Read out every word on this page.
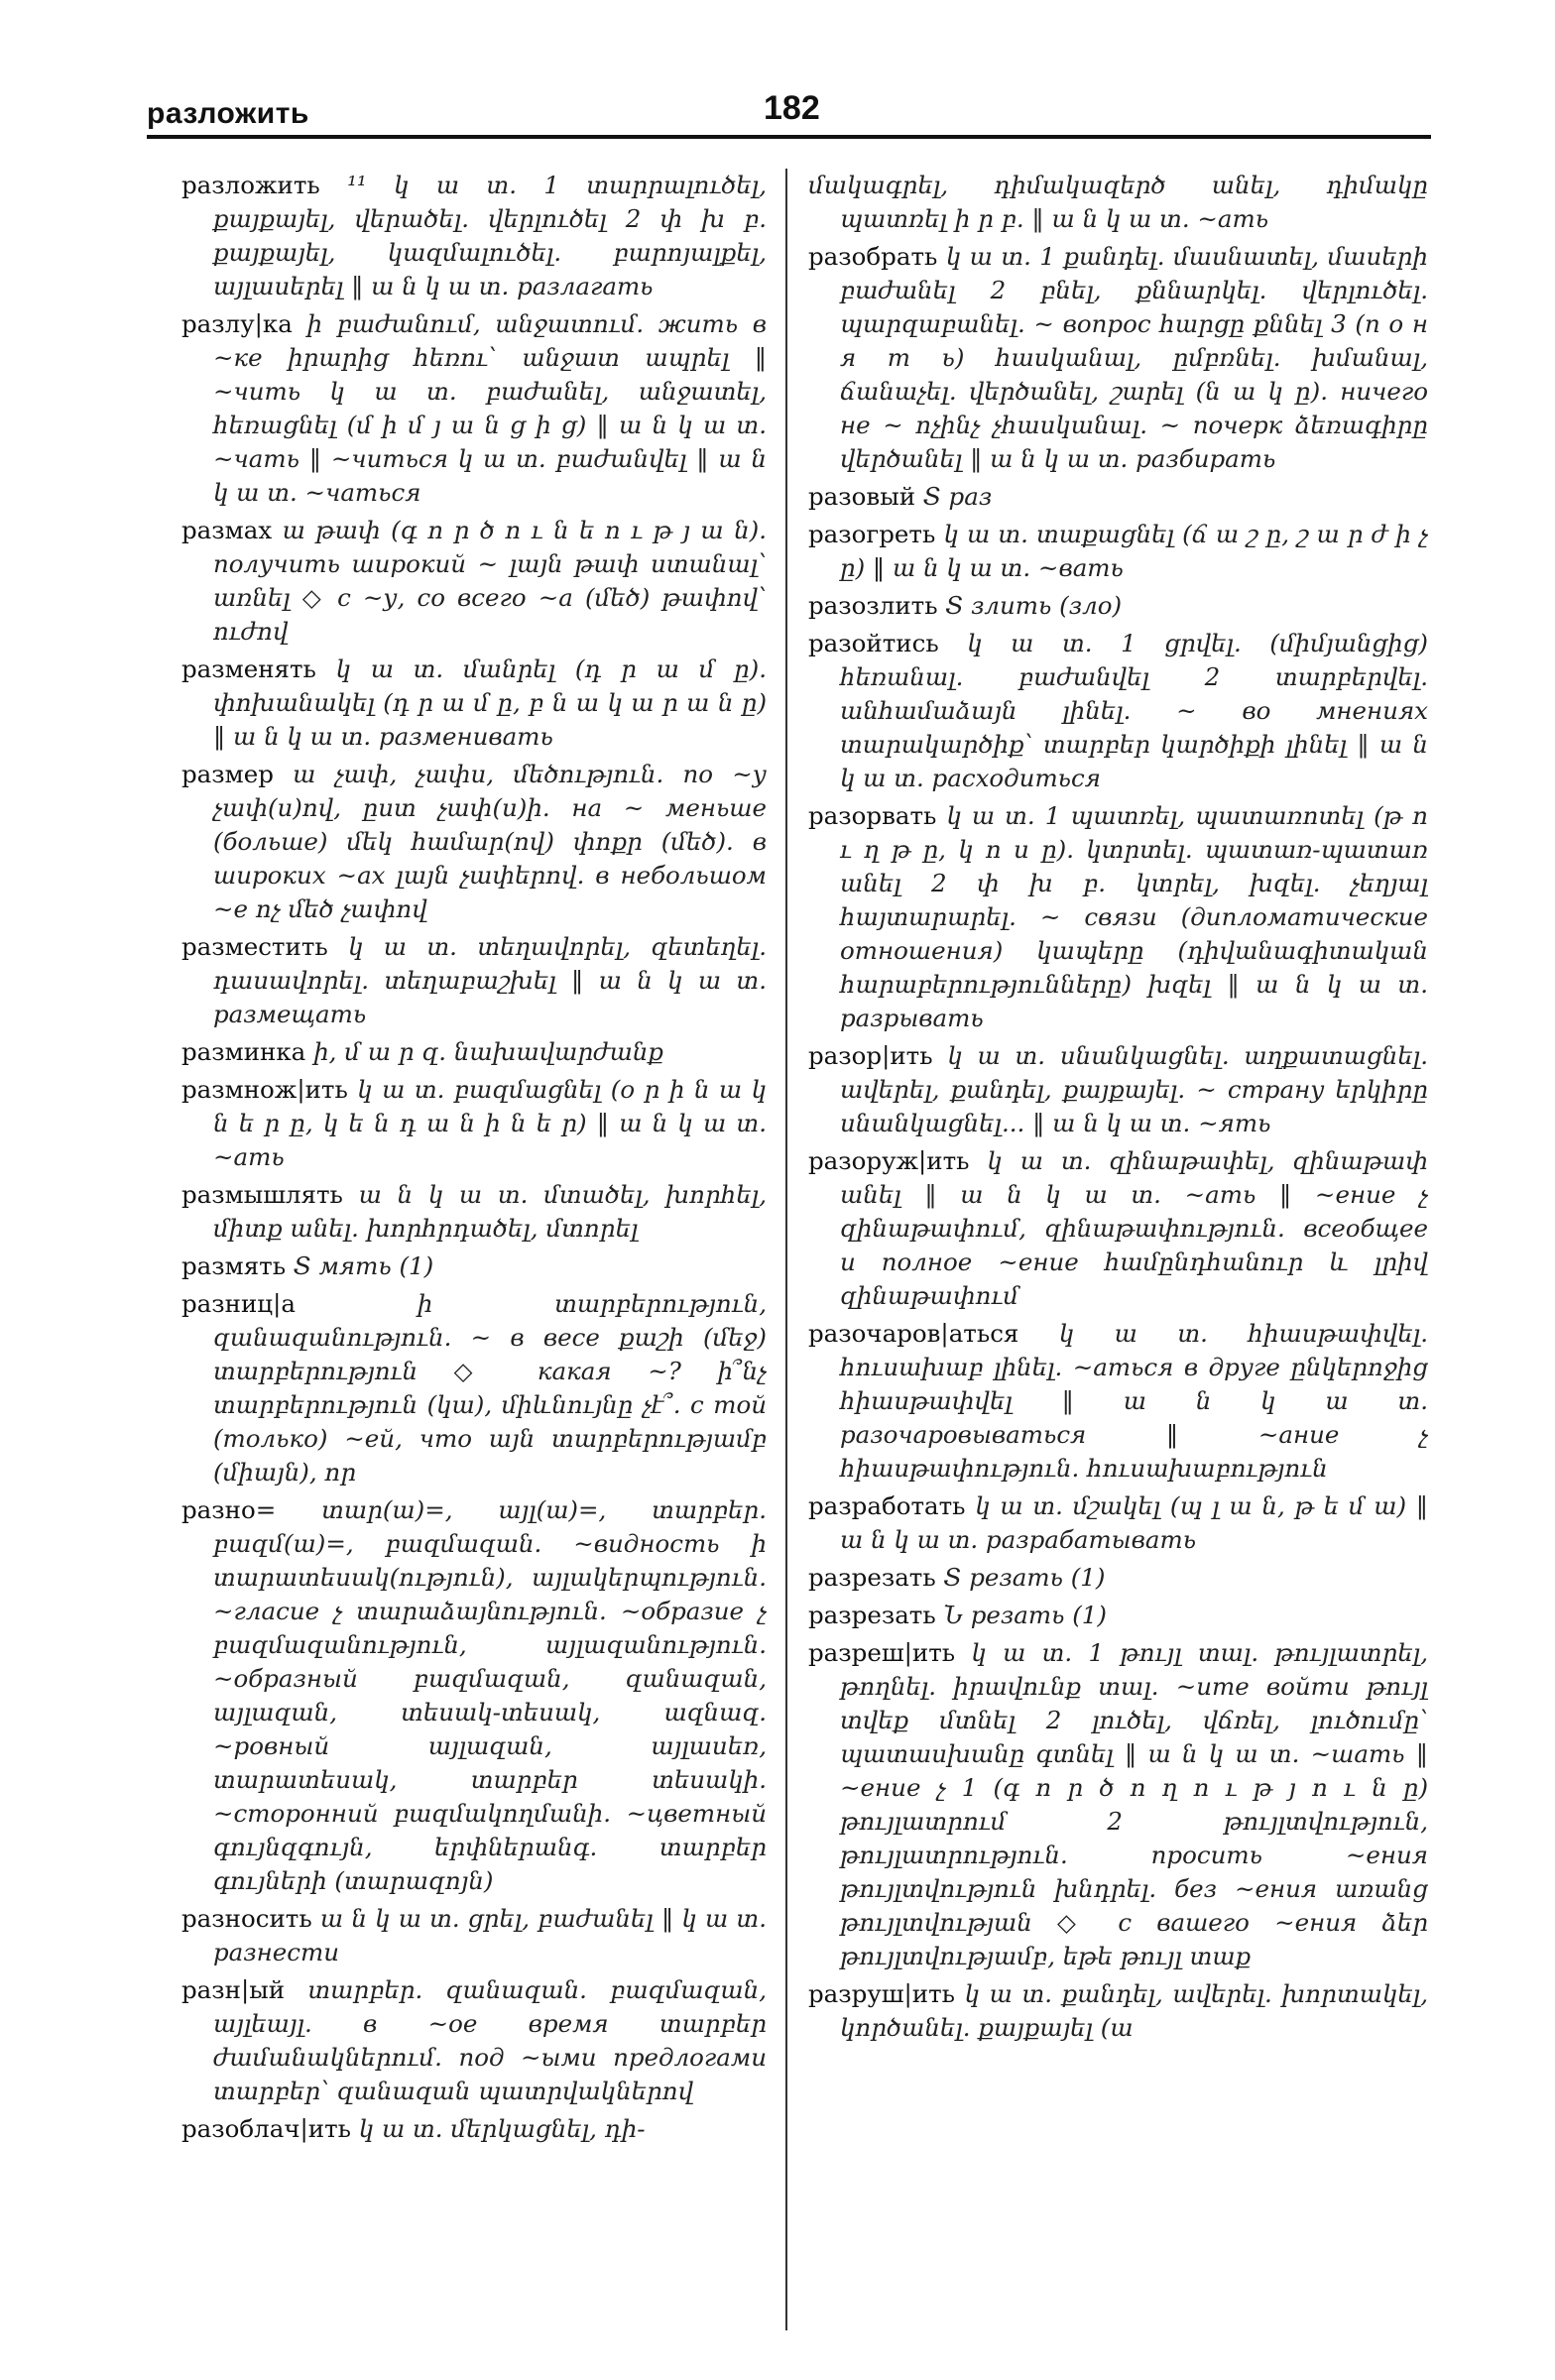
разложить	182

разложить ¹¹ կ ա տ. 1 տարրալուծել, քայքայել, վերածել. վերլուծել 2 փ խ բ. քայքայել, կազմալուծել. բարոյալքել, այլասերել ‖ ա ն կ ա տ. разлагать

разлу|ка ի բաժանում, անջատում. жить в ~ке իրարից հեռու՝ անջատ ապրել ‖ ~чить կ ա տ. բաժանել, անջատել, հեռացնել (մ ի մ յ ա ն ց ի ց) ‖ ա ն կ ա տ. ~чать ‖ ~читься կ ա տ. բաժանվել ‖ ա ն կ ա տ. ~чаться

размах ա թափ (գ ո ր ծ ո ւ ն ե ո ւ թ յ ա ն). получить широкий ~ լայն թափ ստանալ՝ առնել ◇ с ~у, со всего ~а (մեծ) թափով՝ ուժով

разменять կ ա տ. մանրել (դ ր ա մ ը). փոխանակել (դ ր ա մ ը, բ ն ա կ ա ր ա ն ը) ‖ ա ն կ ա տ. разменивать

размер ա չափ, չափս, մեծություն. по ~у չափ(ս)ով, ըստ չափ(ս)ի. на ~ меньше (больше) մեկ համար(ով) փոքր (մեծ). в широких ~ах լայն չափերով. в небольшом ~е ոչ մեծ չափով

разместить կ ա տ. տեղավորել, զետեղել. դասավորել. տեղաբաշխել ‖ ա ն կ ա տ. размещать

разминка ի, մ ա ր զ. նախավարժանք

размнож|ить կ ա տ. բազմացնել (օ ր ի ն ա կ ն ե ր ը, կ ե ն դ ա ն ի ն ե ր) ‖ ա ն կ ա տ. ~ать

размышлять ա ն կ ա տ. մտածել, խորհել, միտք անել. խորհրդածել, մտորել

размять Տ мять (1)

разниц|а	ի տարբերություն, զանազանություն. ~ в весе քաշի (մեջ) տարբերություն ◇ какая ~? ի՞նչ տարբերություն (կա), միևնույնը չէ՞. с той (только) ~ей, что այն տարբերությամբ (միայն), որ

разно= տար(ա)=, այլ(ա)=, տարբեր. բազմ(ա)=, բազմազան. ~видность ի տարատեսակ(ություն), այլակերպություն. ~гласие չ տարաձայնություն. ~образие չ բազմազանություն, այլազանություն. ~образный բազմազան, զանազան, այլազան, տեսակ-տեսակ, ազնազ. ~ровный այլազան, այլասեռ, տարատեսակ, տարբեր տեսակի. ~сторонний բազմակողմանի. ~цветный գույնզգույն, երփներանգ. տարբեր գույների (տարազոյն)

разносить ա ն կ ա տ. ցրել, բաժանել ‖ կ ա տ. разнести

разн|ый տարբեր. զանազան. բազմազան, այլեայլ. в ~ое время տարբեր ժամանակներում. под ~ыми предлогами տարբեր՝ զանազան պատրվակներով

разоблач|ить կ ա տ. մերկացնել, դի-

մակագրել, դիմակազերծ անել, դիմակը պատռել ի ր բ. ‖ ա ն կ ա տ. ~ать

разобрать կ ա տ. 1 քանդել. մասնատել, մասերի բաժանել 2 բնել, քննարկել. վերլուծել. պարզաբանել. ~ вопрос հարցը քննել 3 (п о н я т ь) հասկանալ, ըմբռնել. խմանալ, ճանաչել. վերծանել, շարել (ն ա կ ը). ничего не ~ ոչինչ չհասկանալ. ~ почерк ձեռագիրը վերծանել ‖ ա ն կ ա տ. разбирать

разовый Տ раз

разогреть կ ա տ. տաքացնել (ճ ա շ ը, շ ա ր ժ ի չ ը) ‖ ա ն կ ա տ. ~вать

разозлить Տ злить (зло)

разойтись կ ա տ. 1 ցրվել. (միմյանցից) հեռանալ. բաժանվել 2 տարբերվել. անհամաձայն լինել. ~ во мнениях տարակարծիք՝ տարբեր կարծիքի լինել ‖ ա ն կ ա տ. расходиться

разорвать կ ա տ. 1 պատռել, պատառոտել (թ ո ւ ղ թ ը, կ ո ս ը). կտրտել. պատառ-պատառ անել 2 փ խ բ. կտրել, խզել. չեղյալ հայտարարել. ~ связи (дипломатические отношения) կապերը (դիվանագիտական հարաբերությունները) խզել ‖ ա ն կ ա տ. разрывать

разор|ить կ ա տ. սնանկացնել. աղքատացնել. ավերել, քանդել, քայքայել. ~ страну երկիրը սնանկացնել... ‖ ա ն կ ա տ. ~ять

разоруж|ить կ ա տ. զինաթափել, զինաթափ անել ‖ ա ն կ ա տ. ~ать ‖ ~ение չ զինաթափում, զինաթափություն. всеобщее и полное ~ение համընդհանուր և լրիվ զինաթափում

разочаров|аться կ ա տ. հիասթափվել. հուսախաբ լինել. ~аться в друге ընկերոջից հիասթափվել ‖ ա ն կ ա տ. разочаровываться ‖ ~ание չ հիասթափություն. հուսախաբություն

разработать կ ա տ. մշակել (պ լ ա ն, թ ե մ ա) ‖ ա ն կ ա տ. разрабатывать

разрезать Տ резать (1)

разрезать Ն резать (1)

разреш|ить կ ա տ. 1 թույլ տալ. թույլատրել, թողնել. իրավունք տալ. ~ите войти թույլ տվեք մտնել 2 լուծել, վճռել, լուծումը՝ պատասխանը գտնել ‖ ա ն կ ա տ. ~шать ‖ ~ение չ 1 (գ ո ր ծ ո ղ ո ւ թ յ ո ւ ն ը) թույլատրում 2 թույլտվություն, թույլատրություն. просить ~ения թույլտվություն խնդրել. без ~ения առանց թույլտվության ◇ с вашего ~ения ձեր թույլտվությամբ, եթե թույլ տաք

разруш|ить կ ա տ. քանդել, ավերել. խորտակել, կործանել. քայքայել (ա
